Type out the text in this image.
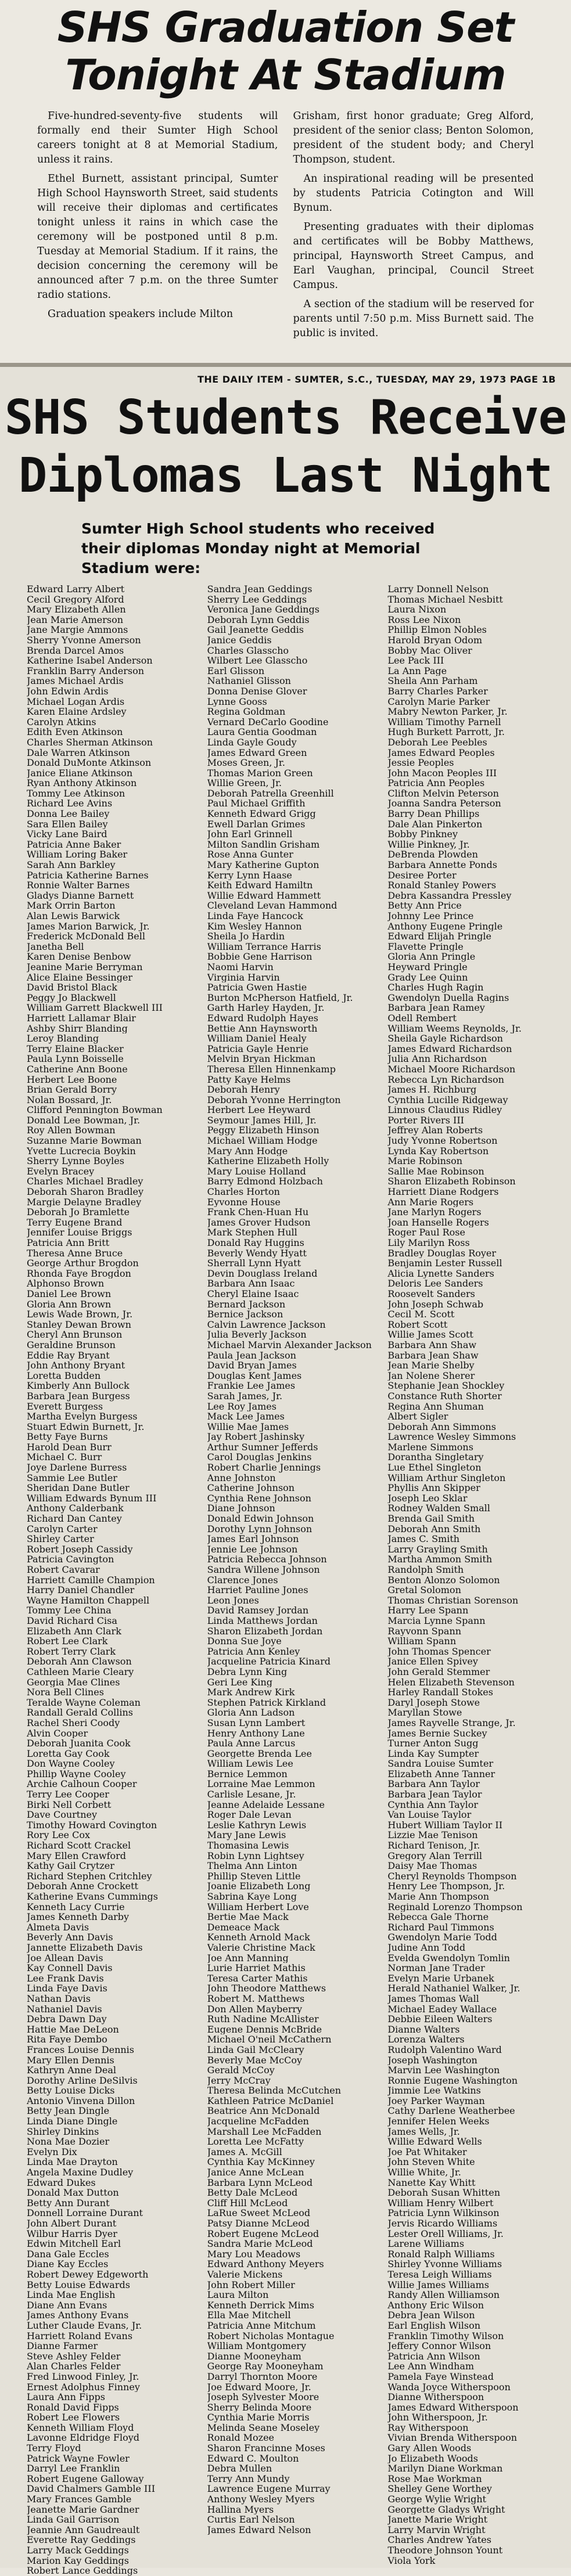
SHS Graduation Set
Tonight At Stadium

Five-hundred-seventy-five students will formally end their Sumter High School careers tonight at 8 at Memorial Stadium, unless it rains.

Ethel Burnett, assistant principal, Sumter High School Haynsworth Street, said students will receive their diplomas and certificates tonight unless it rains in which case the ceremony will be postponed until 8 p.m. Tuesday at Memorial Stadium. If it rains, the decision concerning the ceremony will be announced after 7 p.m. on the three Sumter radio stations.

Graduation speakers include Milton

Grisham, first honor graduate; Greg Alford, president of the senior class; Benton Solomon, president of the student body; and Cheryl Thompson, student.

An inspirational reading will be presented by students Patricia Cotington and Will Bynum.

Presenting graduates with their diplomas and certificates will be Bobby Matthews, principal, Haynsworth Street Campus, and Earl Vaughan, principal, Council Street Campus.

A section of the stadium will be reserved for parents until 7:50 p.m. Miss Burnett said. The public is invited.

THE DAILY ITEM - SUMTER, S.C., TUESDAY, MAY 29, 1973 PAGE 1B
SHS Students Receive
Diplomas Last Night

Sumter High School students who received their diplomas Monday night at Memorial Stadium were:

Edward Larry Albert
Cecil Gregory Alford
Mary Elizabeth Allen
Jean Marie Amerson
Jane Margie Ammons
Sherry Yvonne Amerson
Brenda Darcel Amos
Katherine Isabel Anderson
Franklin Barry Anderson
James Michael Ardis
John Edwin Ardis
Michael Logan Ardis
Karen Elaine Ardsley
Carolyn Atkins
Edith Even Atkinson
Charles Sherman Atkinson
Dale Warren Atkinson
Donald DuMonte Atkinson
Janice Eliane Atkinson
Ryan Anthony Atkinson
Tommy Lee Atkinson
Richard Lee Avins
Donna Lee Bailey
Sara Ellen Bailey
Vicky Lane Baird
Patricia Anne Baker
William Loring Baker
Sarah Ann Barkley
Patricia Katherine Barnes
Ronnie Walter Barnes
Gladys Dianne Barnett
Mark Orrin Barton
Alan Lewis Barwick
James Marion Barwick, Jr.
Frederick McDonald Bell
Janetha Bell
Karen Denise Benbow
Jeanine Marie Berryman
Alice Elaine Bessinger
David Bristol Black
Peggy Jo Blackwell
William Garrett Blackwell III
Harriett Lallamar Blair
Ashby Shirr Blanding
Leroy Blanding
Terry Elaine Blacker
Paula Lynn Boisselle
Catherine Ann Boone
Herbert Lee Boone
Brian Gerald Borry
Nolan Bossard, Jr.
Clifford Pennington Bowman
Donald Lee Bowman, Jr.
Roy Allen Bowman
Suzanne Marie Bowman
Yvette Lucrecia Boykin
Sherry Lynne Boyles
Evelyn Bracey
Charles Michael Bradley
Deborah Sharon Bradley
Margie Delayne Bradley
Deborah Jo Bramlette
Terry Eugene Brand
Jennifer Louise Briggs
Patricia Ann Britt
Theresa Anne Bruce
George Arthur Brogdon
Rhonda Faye Brogdon
Alphonso Brown
Daniel Lee Brown
Gloria Ann Brown
Lewis Wade Brown, Jr.
Stanley Dewan Brown
Cheryl Ann Brunson
Geraldine Brunson
Eddie Ray Bryant
John Anthony Bryant
Loretta Budden
Kimberly Ann Bullock
Barbara Jean Burgess
Everett Burgess
Martha Evelyn Burgess
Stuart Edwin Burnett, Jr.
Betty Faye Burns
Harold Dean Burr
Michael C. Burr
Joye Darlene Burress
Sammie Lee Butler
Sheridan Dane Butler
William Edwards Bynum III
Anthony Calderbank
Richard Dan Cantey
Carolyn Carter
Shirley Carter
Robert Joseph Cassidy
Patricia Cavington
Robert Cavarar
Harriett Camille Champion
Harry Daniel Chandler
Wayne Hamilton Chappell
Tommy Lee China
David Richard Cisa
Elizabeth Ann Clark
Robert Lee Clark
Robert Terry Clark
Deborah Ann Clawson
Cathleen Marie Cleary
Georgia Mae Clines
Nora Bell Clines
Teralde Wayne Coleman
Randall Gerald Collins
Rachel Sheri Coody
Alvin Cooper
Deborah Juanita Cook
Loretta Gay Cook
Don Wayne Cooley
Phillip Wayne Cooley
Archie Calhoun Cooper
Terry Lee Cooper
Birki Nell Corbett
Dave Courtney
Timothy Howard Covington
Rory Lee Cox
Richard Scott Crackel
Mary Ellen Crawford
Kathy Gail Crytzer
Richard Stephen Critchley
Deborah Anne Crockett
Katherine Evans Cummings
Kenneth Lacy Currie
James Kenneth Darby
Almeta Davis
Beverly Ann Davis
Jannette Elizabeth Davis
Joe Allean Davis
Kay Connell Davis
Lee Frank Davis
Linda Faye Davis
Nathan Davis
Nathaniel Davis
Debra Dawn Day
Hattie Mae DeLeon
Rita Faye Dembo
Frances Louise Dennis
Mary Ellen Dennis
Kathryn Anne Deal
Dorothy Arline DeSilvis
Betty Louise Dicks
Antonio Vinvena Dillon
Betty Jean Dingle
Linda Diane Dingle
Shirley Dinkins
Nona Mae Dozier
Evelyn Dix
Linda Mae Drayton
Angela Maxine Dudley
Edward Dukes
Donald Max Dutton
Betty Ann Durant
Donnell Lorraine Durant
John Albert Durant
Wilbur Harris Dyer
Edwin Mitchell Earl
Dana Gale Eccles
Diane Kay Eccles
Robert Dewey Edgeworth
Betty Louise Edwards
Linda Mae English
Diane Ann Evans
James Anthony Evans
Luther Claude Evans, Jr.
Harriett Roland Evans
Dianne Farmer
Steve Ashley Felder
Alan Charles Felder
Fred Linwood Finley, Jr.
Ernest Adolphus Finney
Laura Ann Fipps
Ronald David Fipps
Robert Lee Flowers
Kenneth William Floyd
Lavonne Eldridge Floyd
Terry Floyd
Patrick Wayne Fowler
Darryl Lee Franklin
Robert Eugene Galloway
David Chalmers Gamble III
Mary Frances Gamble
Jeanette Marie Gardner
Linda Gail Garrison
Jeannie Ann Gaudreault
Everette Ray Geddings
Larry Mack Geddings
Marion Kay Geddings
Robert Lance Geddings
Sandra Jean Geddings
Sherry Lee Geddings
Veronica Jane Geddings
Deborah Lynn Geddis
Gail Jeanette Geddis
Janice Geddis
Charles Glasscho
Wilbert Lee Glasscho
Earl Glisson
Nathaniel Glisson
Donna Denise Glover
Lynne Gooss
Regina Goldman
Vernard DeCarlo Goodine
Laura Gentia Goodman
Linda Gayle Goudy
James Edward Green
Moses Green, Jr.
Thomas Marion Green
Willie Green, Jr.
Deborah Patrella Greenhill
Paul Michael Griffith
Kenneth Edward Grigg
Ewell Darlan Grimes
John Earl Grinnell
Milton Sandlin Grisham
Rose Anna Gunter
Mary Katherine Gupton
Kerry Lynn Haase
Keith Edward Hamiltn
Willie Edward Hammett
Cleveland Levan Hammond
Linda Faye Hancock
Kim Wesley Hannon
Sheila Jo Hardin
William Terrance Harris
Bobbie Gene Harrison
Naomi Harvin
Virginia Harvin
Patricia Gwen Hastie
Burton McPherson Hatfield, Jr.
Garth Harley Hayden, Jr.
Edward Rudolph Hayes
Bettie Ann Haynsworth
William Daniel Healy
Patricia Gayle Henrie
Melvin Bryan Hickman
Theresa Ellen Hinnenkamp
Patty Kaye Helms
Deborah Henry
Deborah Yvonne Herrington
Herbert Lee Heyward
Seymour James Hill, Jr.
Peggy Elizabeth Hinson
Michael William Hodge
Mary Ann Hodge
Katherine Elizabeth Holly
Mary Louise Holland
Barry Edmond Holzbach
Charles Horton
Eyvonne House
Frank Chen-Huan Hu
James Grover Hudson
Mark Stephen Hull
Donald Ray Huggins
Beverly Wendy Hyatt
Sherrall Lynn Hyatt
Devin Douglass Ireland
Barbara Ann Isaac
Cheryl Elaine Isaac
Bernard Jackson
Bernice Jackson
Calvin Lawrence Jackson
Julia Beverly Jackson
Michael Marvin Alexander Jackson
Paula Jean Jackson
David Bryan James
Douglas Kent James
Frankie Lee James
Sarah James, Jr.
Lee Roy James
Mack Lee James
Willie Mae James
Jay Robert Jashinsky
Arthur Sumner Jefferds
Carol Douglas Jenkins
Robert Charlie Jennings
Anne Johnston
Catherine Johnson
Cynthia Rene Johnson
Diane Johnson
Donald Edwin Johnson
Dorothy Lynn Johnson
James Earl Johnson
Jennie Lee Johnson
Patricia Rebecca Johnson
Sandra Willene Johnson
Clarence Jones
Harriet Pauline Jones
Leon Jones
David Ramsey Jordan
Linda Matthews Jordan
Sharon Elizabeth Jordan
Donna Sue Joye
Patricia Ann Kenley
Jacqueline Patricia Kinard
Debra Lynn King
Geri Lee King
Mark Andrew Kirk
Stephen Patrick Kirkland
Gloria Ann Ladson
Susan Lynn Lambert
Henry Anthony Lane
Paula Anne Larcus
Georgette Brenda Lee
William Lewis Lee
Bernice Lemmon
Lorraine Mae Lemmon
Carlisle Lesane, Jr.
Jeanne Adelaide Lessane
Roger Dale Levan
Leslie Kathryn Lewis
Mary Jane Lewis
Thomasina Lewis
Robin Lynn Lightsey
Thelma Ann Linton
Phillip Steven Little
Joanie Elizabeth Long
Sabrina Kaye Long
William Herbert Love
Bertie Mae Mack
Demeace Mack
Kenneth Arnold Mack
Valerie Christine Mack
Joe Ann Manning
Lurie Harriet Mathis
Teresa Carter Mathis
John Theodore Matthews
Robert M. Matthews
Don Allen Mayberry
Ruth Nadine McAllister
Eugene Dennis McBride
Michael O'neil McCathern
Linda Gail McCleary
Beverly Mae McCoy
Gerald McCoy
Jerry McCray
Theresa Belinda McCutchen
Kathleen Patrice McDaniel
Beatrice Ann McDonald
Jacqueline McFadden
Marshall Lee McFadden
Loretta Lee McFatty
James A. McGill
Cynthia Kay McKinney
Janice Anne McLean
Barbara Lynn McLeod
Betty Dale McLeod
Cliff Hill McLeod
LaRue Sweet McLeod
Patsy Dianne McLeod
Robert Eugene McLeod
Sandra Marie McLeod
Mary Lou Meadows
Edward Anthony Meyers
Valerie Mickens
John Robert Miller
Laura Milton
Kenneth Derrick Mims
Ella Mae Mitchell
Patricia Anne Mitchum
Robert Nicholas Montague
William Montgomery
Dianne Mooneyham
George Ray Mooneyham
Darryl Thornton Moore
Joe Edward Moore, Jr.
Joseph Sylvester Moore
Sherry Belinda Moore
Cynthia Marie Morris
Melinda Seane Moseley
Ronald Mozee
Sharon Francinne Moses
Edward C. Moulton
Debra Mullen
Terry Ann Mundy
Lawrence Eugene Murray
Anthony Wesley Myers
Hallina Myers
Curtis Earl Nelson
James Edward Nelson
Larry Donnell Nelson
Thomas Michael Nesbitt
Laura Nixon
Ross Lee Nixon
Phillip Elmon Nobles
Harold Bryan Odom
Bobby Mac Oliver
Lee Pack III
La Ann Page
Sheila Ann Parham
Barry Charles Parker
Carolyn Marie Parker
Mabry Newton Parker, Jr.
William Timothy Parnell
Hugh Burkett Parrott, Jr.
Deborah Lee Peebles
James Edward Peoples
Jessie Peoples
John Macon Peoples III
Patricia Ann Peoples
Clifton Melvin Peterson
Joanna Sandra Peterson
Barry Dean Phillips
Dale Alan Pinkerton
Bobby Pinkney
Willie Pinkney, Jr.
DeBrenda Plowden
Barbara Annette Ponds
Desiree Porter
Ronald Stanley Powers
Debra Kassandra Pressley
Betty Ann Price
Johnny Lee Prince
Anthony Eugene Pringle
Edward Elijah Pringle
Flavette Pringle
Gloria Ann Pringle
Heyward Pringle
Grady Lee Quinn
Charles Hugh Ragin
Gwendolyn Duella Ragins
Barbara Jean Ramey
Odell Rembert
William Weems Reynolds, Jr.
Sheila Gayle Richardson
James Edward Richardson
Julia Ann Richardson
Michael Moore Richardson
Rebecca Lyn Richardson
James H. Richburg
Cynthia Lucille Ridgeway
Linnous Claudius Ridley
Porter Rivers III
Jeffrey Alan Roberts
Judy Yvonne Robertson
Lynda Kay Robertson
Marie Robinson
Sallie Mae Robinson
Sharon Elizabeth Robinson
Harriett Diane Rodgers
Ann Marie Rogers
Jane Marlyn Rogers
Joan Hanselle Rogers
Roger Paul Rose
Lily Marilyn Ross
Bradley Douglas Royer
Benjamin Lester Russell
Alicia Lynette Sanders
Deloris Lee Sanders
Roosevelt Sanders
John Joseph Schwab
Cecil M. Scott
Robert Scott
Willie James Scott
Barbara Ann Shaw
Barbara Jean Shaw
Jean Marie Shelby
Jan Nolene Sherer
Stephanie Jean Shockley
Constance Ruth Shorter
Regina Ann Shuman
Albert Sigler
Deborah Ann Simmons
Lawrence Wesley Simmons
Marlene Simmons
Dorantha Singletary
Lue Ethel Singleton
William Arthur Singleton
Phyllis Ann Skipper
Joseph Leo Sklar
Rodney Walden Small
Brenda Gail Smith
Deborah Ann Smith
James C. Smith
Larry Grayling Smith
Martha Ammon Smith
Randolph Smith
Benton Alonzo Solomon
Gretal Solomon
Thomas Christian Sorenson
Harry Lee Spann
Marcia Lynne Spann
Rayvonn Spann
William Spann
John Thomas Spencer
Janice Ellen Spivey
John Gerald Stemmer
Helen Elizabeth Stevenson
Harley Randall Stokes
Daryl Joseph Stowe
Maryllan Stowe
James Rayvelle Strange, Jr.
James Bernie Suckey
Turner Anton Sugg
Linda Kay Sumpter
Sandra Louise Sumter
Elizabeth Anne Tanner
Barbara Ann Taylor
Barbara Jean Taylor
Cynthia Ann Taylor
Van Louise Taylor
Hubert William Taylor II
Lizzie Mae Tenison
Richard Tenison, Jr.
Gregory Alan Terrill
Daisy Mae Thomas
Cheryl Reynolds Thompson
Henry Lee Thompson, Jr.
Marie Ann Thompson
Reginald Lorenzo Thompson
Rebecca Gale Thorne
Richard Paul Timmons
Gwendolyn Marie Todd
Judine Ann Todd
Evelda Gwendolyn Tomlin
Norman Jane Trader
Evelyn Marie Urbanek
Herald Nathaniel Walker, Jr.
James Thomas Wall
Michael Eadey Wallace
Debbie Eileen Walters
Dianne Walters
Lorenza Walters
Rudolph Valentino Ward
Joseph Washington
Marvin Lee Washington
Ronnie Eugene Washington
Jimmie Lee Watkins
Joey Parker Wayman
Cathy Darlene Weatherbee
Jennifer Helen Weeks
James Wells, Jr.
Willie Edward Wells
Joe Pat Whitaker
John Steven White
Willie White, Jr.
Nanette Kay Whitt
Deborah Susan Whitten
William Henry Wilbert
Patricia Lynn Wilkinson
Jervis Ricardo Williams
Lester Orell Williams, Jr.
Larene Williams
Ronald Ralph Williams
Shirley Yvonne Williams
Teresa Leigh Williams
Willie James Williams
Randy Allen Williamson
Anthony Eric Wilson
Debra Jean Wilson
Earl English Wilson
Franklin Timothy Wilson
Jeffery Connor Wilson
Patricia Ann Wilson
Lee Ann Windham
Pamela Faye Winstead
Wanda Joyce Witherspoon
Dianne Witherspoon
James Edward Witherspoon
John Witherspoon, Jr.
Ray Witherspoon
Vivian Brenda Witherspoon
Gary Allen Woods
Jo Elizabeth Woods
Marilyn Diane Workman
Rose Mae Workman
Shelley Gene Worthey
George Wylie Wright
Georgette Gladys Wright
Janette Marie Wright
Larry Marvin Wright
Charles Andrew Yates
Theodore Johnson Yount
Viola York
